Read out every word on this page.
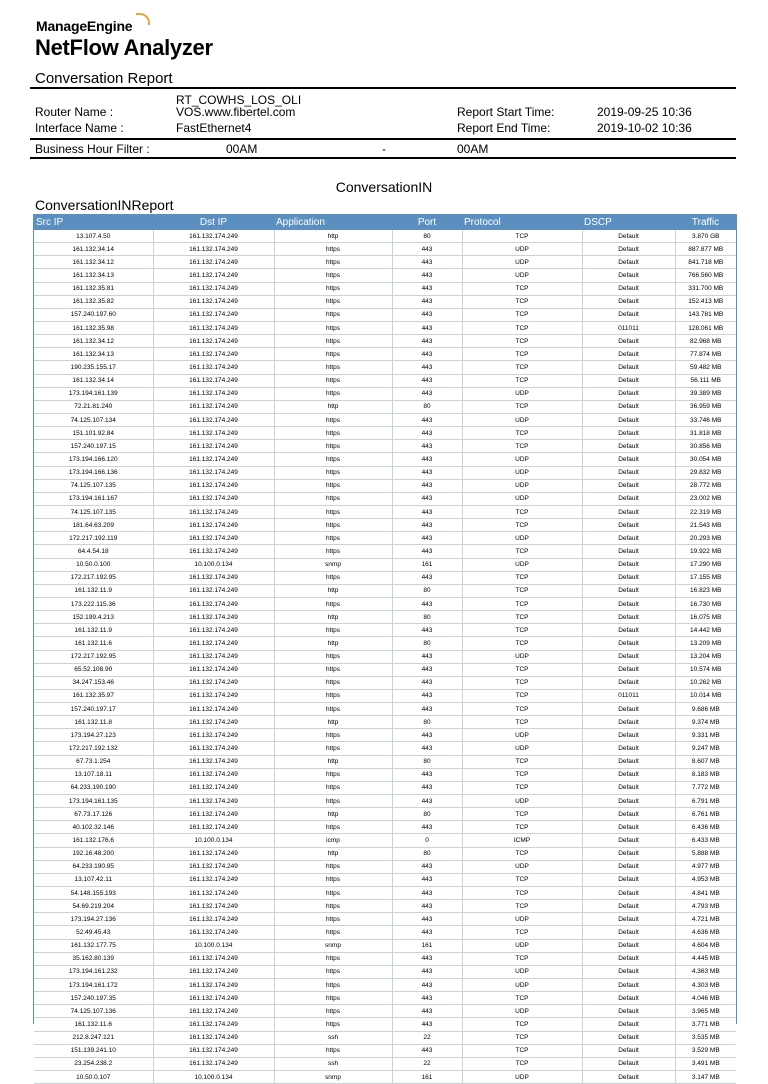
ManageEngine
NetFlow Analyzer
Conversation Report
Router Name :
RT_COWHS_LOS_OLI
VOS.www.fibertel.com
Interface Name :	FastEthernet4
Report Start Time:	2019-09-25 10:36
Report End Time:	2019-10-02 10:36
Business Hour Filter :	00AM	-	00AM
ConversationIN
ConversationINReport
Src IP	Dst IP	Application	Port	Protocol	DSCP	Traffic
13.107.4.50	161.132.174.249	http	80	TCP	Default	3.870 GB
161.132.34.14	161.132.174.249	https	443	UDP	Default	887.877 MB
161.132.34.12	161.132.174.249	https	443	UDP	Default	841.718 MB
161.132.34.13	161.132.174.249	https	443	UDP	Default	766.560 MB
161.132.35.81	161.132.174.249	https	443	TCP	Default	331.700 MB
161.132.35.82	161.132.174.249	https	443	TCP	Default	152.413 MB
157.240.197.60	161.132.174.249	https	443	TCP	Default	143.781 MB
161.132.35.98	161.132.174.249	https	443	TCP	011011	128.061 MB
161.132.34.12	161.132.174.249	https	443	TCP	Default	82.968 MB
161.132.34.13	161.132.174.249	https	443	TCP	Default	77.874 MB
190.235.155.17	161.132.174.249	https	443	TCP	Default	59.482 MB
161.132.34.14	161.132.174.249	https	443	TCP	Default	56.111 MB
173.194.161.139	161.132.174.249	https	443	UDP	Default	39.389 MB
72.21.81.240	161.132.174.249	http	80	TCP	Default	36.959 MB
74.125.107.134	161.132.174.249	https	443	UDP	Default	33.746 MB
151.101.92.84	161.132.174.249	https	443	TCP	Default	31.818 MB
157.240.197.15	161.132.174.249	https	443	TCP	Default	30.856 MB
173.194.166.120	161.132.174.249	https	443	UDP	Default	30.054 MB
173.194.166.136	161.132.174.249	https	443	UDP	Default	29.832 MB
74.125.107.135	161.132.174.249	https	443	UDP	Default	28.772 MB
173.194.161.167	161.132.174.249	https	443	UDP	Default	23.002 MB
74.125.107.135	161.132.174.249	https	443	TCP	Default	22.319 MB
181.64.63.209	161.132.174.249	https	443	TCP	Default	21.543 MB
172.217.192.119	161.132.174.249	https	443	UDP	Default	20.293 MB
64.4.54.18	161.132.174.249	https	443	TCP	Default	19.922 MB
10.50.0.100	10.100.0.134	snmp	161	UDP	Default	17.290 MB
172.217.192.95	161.132.174.249	https	443	TCP	Default	17.155 MB
161.132.11.9	161.132.174.249	http	80	TCP	Default	16.823 MB
173.222.115.36	161.132.174.249	https	443	TCP	Default	16.730 MB
152.199.4.213	161.132.174.249	http	80	TCP	Default	16.075 MB
161.132.11.9	161.132.174.249	https	443	TCP	Default	14.442 MB
161.132.11.6	161.132.174.249	http	80	TCP	Default	13.209 MB
172.217.192.95	161.132.174.249	https	443	UDP	Default	13.204 MB
65.52.108.90	161.132.174.249	https	443	TCP	Default	10.574 MB
34.247.153.46	161.132.174.249	https	443	TCP	Default	10.262 MB
161.132.35.97	161.132.174.249	https	443	TCP	011011	10.014 MB
157.240.197.17	161.132.174.249	https	443	TCP	Default	9.686 MB
161.132.11.8	161.132.174.249	http	80	TCP	Default	9.374 MB
173.194.27.123	161.132.174.249	https	443	UDP	Default	9.331 MB
172.217.192.132	161.132.174.249	https	443	UDP	Default	9.247 MB
67.73.1.254	161.132.174.249	http	80	TCP	Default	8.607 MB
13.107.18.11	161.132.174.249	https	443	TCP	Default	8.183 MB
64.233.190.190	161.132.174.249	https	443	TCP	Default	7.772 MB
173.194.161.135	161.132.174.249	https	443	UDP	Default	6.791 MB
67.73.17.126	161.132.174.249	http	80	TCP	Default	6.761 MB
40.102.32.146	161.132.174.249	https	443	TCP	Default	6.436 MB
161.132.176.6	10.100.0.134	icmp	0	ICMP	Default	6.433 MB
192.16.48.200	161.132.174.249	http	80	TCP	Default	5.888 MB
64.233.190.95	161.132.174.249	https	443	UDP	Default	4.977 MB
13.107.42.11	161.132.174.249	https	443	TCP	Default	4.953 MB
54.148.155.193	161.132.174.249	https	443	TCP	Default	4.841 MB
54.69.219.204	161.132.174.249	https	443	TCP	Default	4.793 MB
173.194.27.136	161.132.174.249	https	443	UDP	Default	4.721 MB
52.49.45.43	161.132.174.249	https	443	TCP	Default	4.636 MB
161.132.177.75	10.100.0.134	snmp	161	UDP	Default	4.604 MB
35.162.80.139	161.132.174.249	https	443	TCP	Default	4.445 MB
173.194.161.232	161.132.174.249	https	443	UDP	Default	4.363 MB
173.194.161.172	161.132.174.249	https	443	UDP	Default	4.303 MB
157.240.197.35	161.132.174.249	https	443	TCP	Default	4.046 MB
74.125.107.136	161.132.174.249	https	443	UDP	Default	3.965 MB
161.132.11.6	161.132.174.249	https	443	TCP	Default	3.771 MB
212.8.247.121	161.132.174.249	ssh	22	TCP	Default	3.535 MB
151.139.241.10	161.132.174.249	https	443	TCP	Default	3.529 MB
23.254.238.2	161.132.174.249	ssh	22	TCP	Default	3.491 MB
10.50.0.107	10.100.0.134	snmp	161	UDP	Default	3.147 MB
